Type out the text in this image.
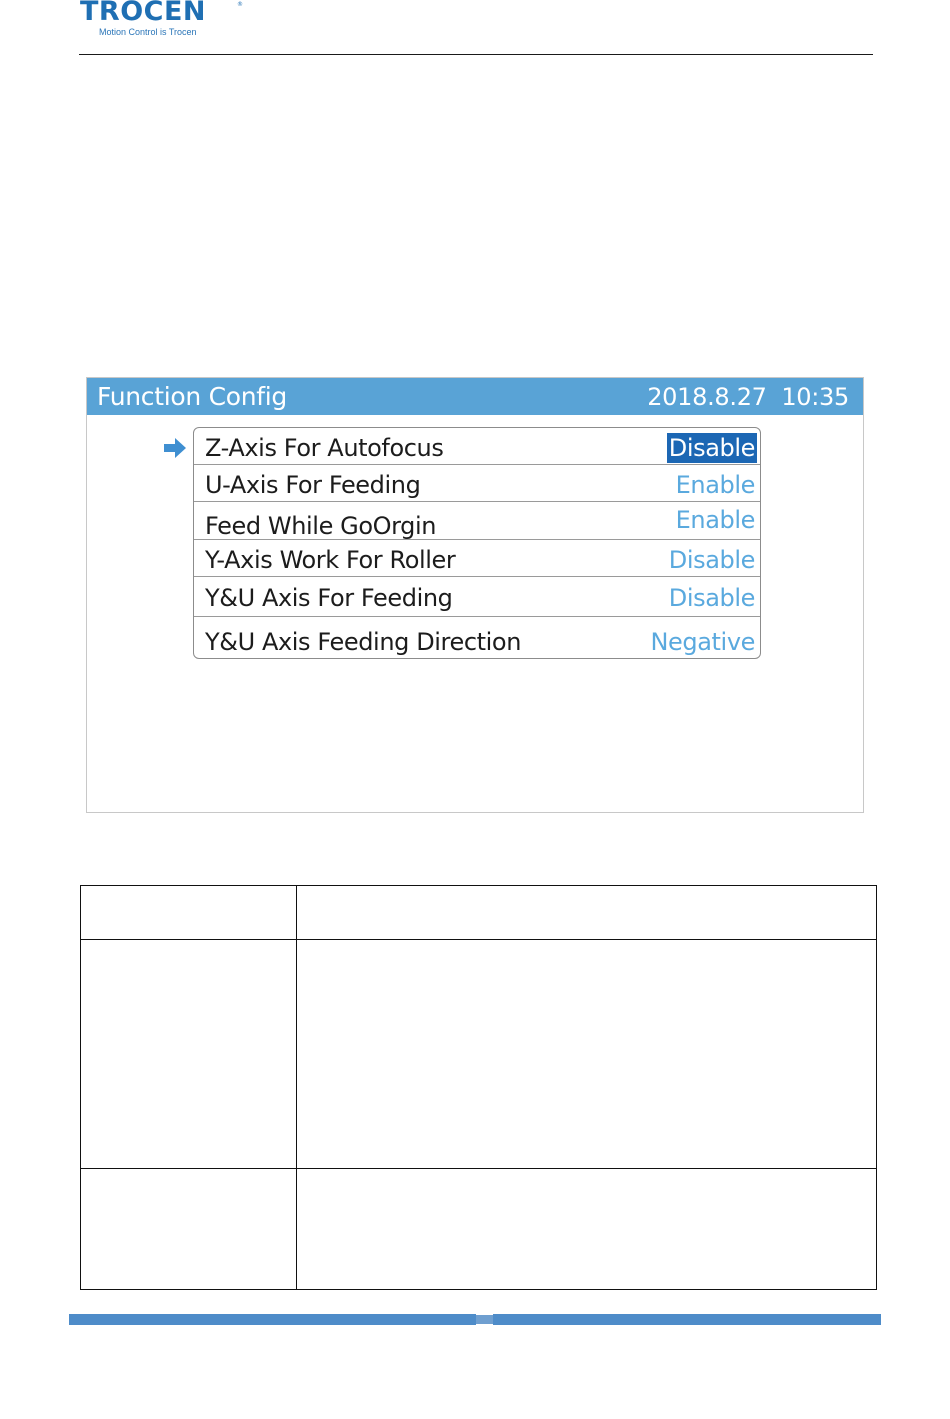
TROCEN	®
Motion Control is Trocen
Function Config	2018.8.27 10:35
Z-Axis For Autofocus	Disable
U-Axis For Feeding	Enable
Feed While GoOrgin	Enable
Y-Axis Work For Roller	Disable
Y&U Axis For Feeding	Disable
Y&U Axis Feeding Direction	Negative
